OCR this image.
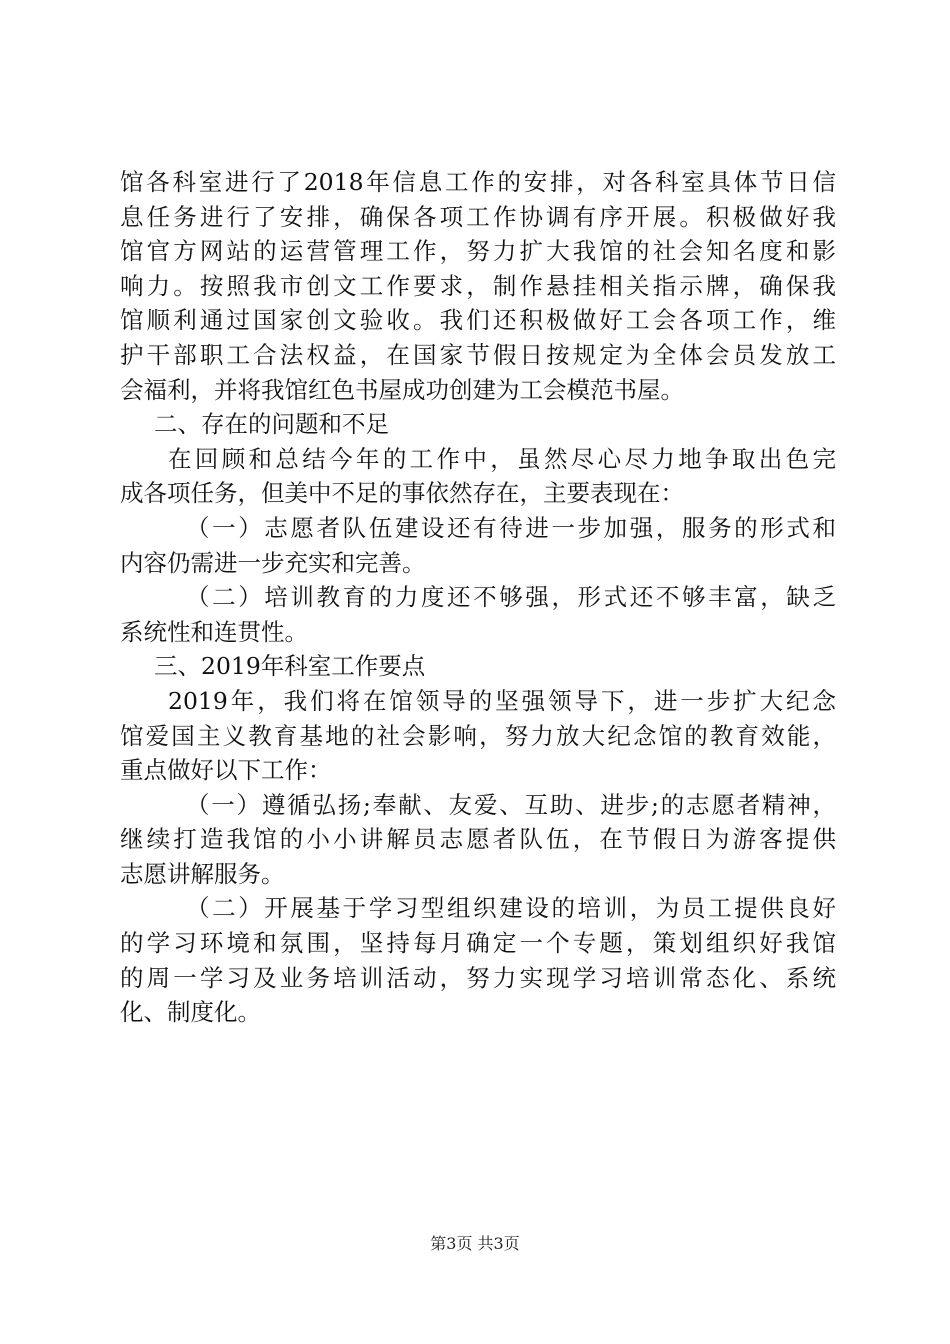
馆各科室进行了2018年信息工作的安排，对各科室具体节日信
息任务进行了安排，确保各项工作协调有序开展。积极做好我
馆官方网站的运营管理工作，努力扩大我馆的社会知名度和影
响力。按照我市创文工作要求，制作悬挂相关指示牌，确保我
馆顺利通过国家创文验收。我们还积极做好工会各项工作，维
护干部职工合法权益，在国家节假日按规定为全体会员发放工
会福利，并将我馆红色书屋成功创建为工会模范书屋。
二、存在的问题和不足
在回顾和总结今年的工作中，虽然尽心尽力地争取出色完
成各项任务，但美中不足的事依然存在，主要表现在：
（一）志愿者队伍建设还有待进一步加强，服务的形式和
内容仍需进一步充实和完善。
（二）培训教育的力度还不够强，形式还不够丰富，缺乏
系统性和连贯性。
三、2019年科室工作要点
2019年，我们将在馆领导的坚强领导下，进一步扩大纪念
馆爱国主义教育基地的社会影响，努力放大纪念馆的教育效能，
重点做好以下工作：
（一）遵循弘扬;奉献、友爱、互助、进步;的志愿者精神，
继续打造我馆的小小讲解员志愿者队伍，在节假日为游客提供
志愿讲解服务。
（二）开展基于学习型组织建设的培训，为员工提供良好
的学习环境和氛围，坚持每月确定一个专题，策划组织好我馆
的周一学习及业务培训活动，努力实现学习培训常态化、系统
化、制度化。
第3页 共3页
